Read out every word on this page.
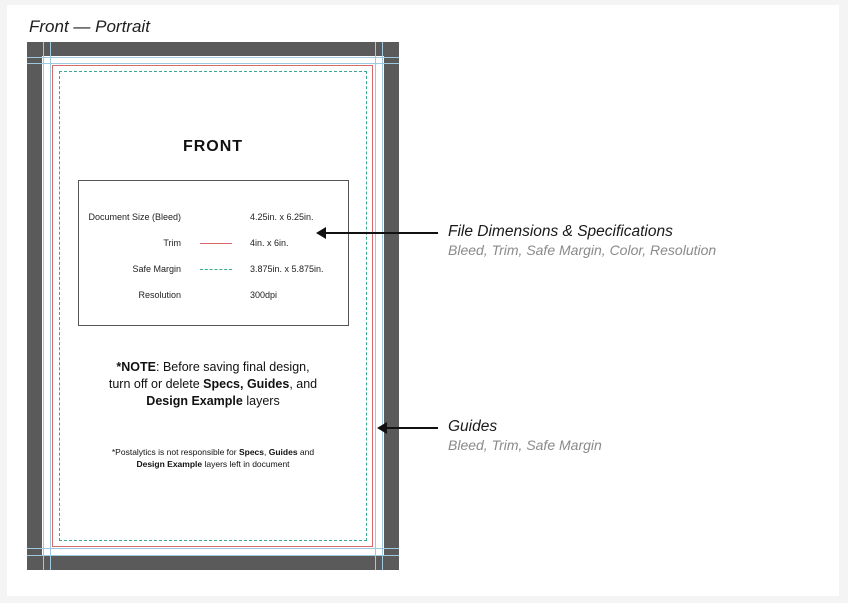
Front — Portrait
FRONT
Document Size (Bleed)	4.25in. x 6.25in.
Trim	4in. x 6in.
Safe Margin	3.875in. x 5.875in.
Resolution	300dpi
*NOTE: Before saving final design,
turn off or delete Specs, Guides, and
Design Example layers
*Postalytics is not responsible for Specs, Guides and
Design Example layers left in document
File Dimensions & Specifications
Bleed, Trim, Safe Margin, Color, Resolution
Guides
Bleed, Trim, Safe Margin
